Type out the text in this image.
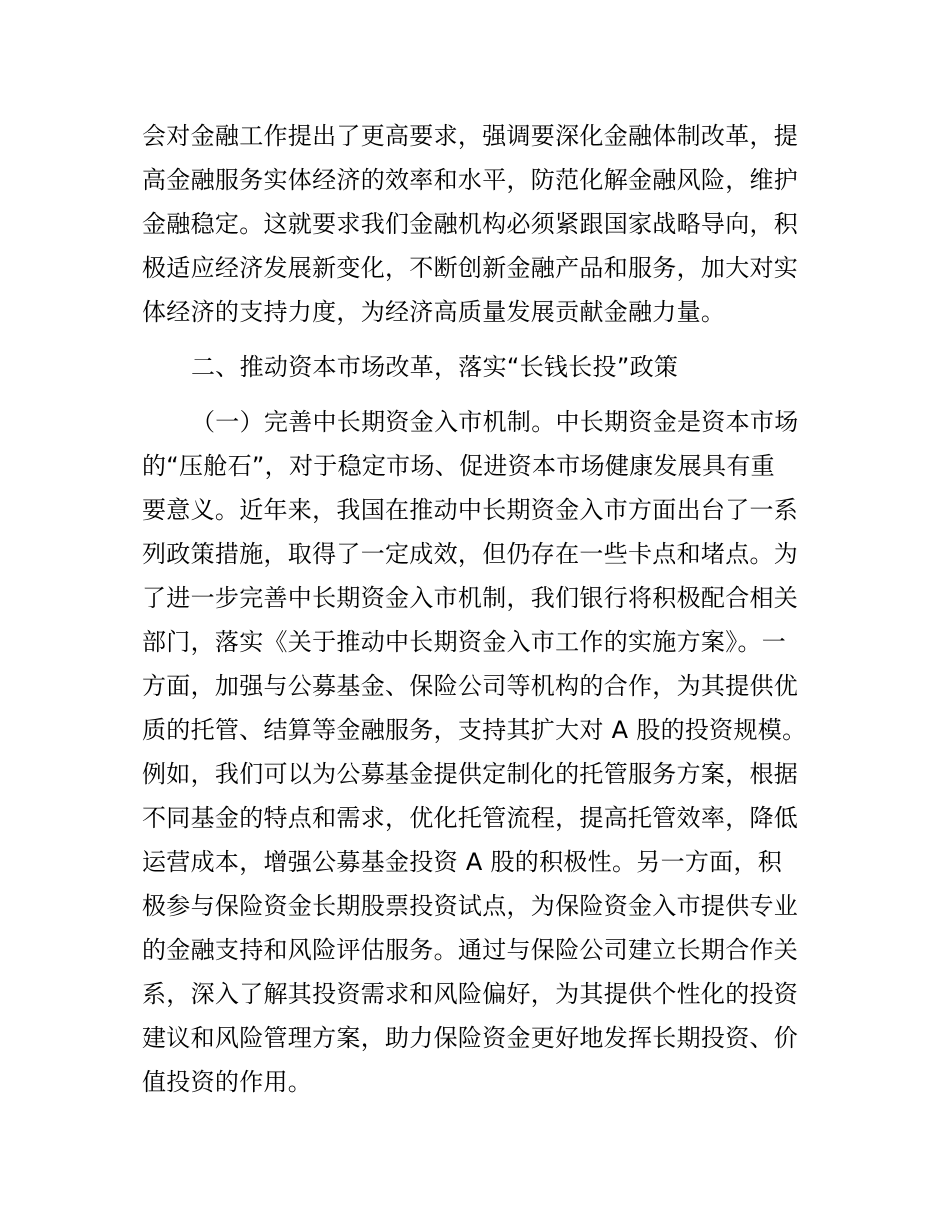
会对金融工作提出了更高要求，强调要深化金融体制改革，提
高金融服务实体经济的效率和水平，防范化解金融风险，维护
金融稳定。这就要求我们金融机构必须紧跟国家战略导向，积
极适应经济发展新变化，不断创新金融产品和服务，加大对实
体经济的支持力度，为经济高质量发展贡献金融力量。
二、推动资本市场改革，落实“长钱长投”政策
（一）完善中长期资金入市机制。中长期资金是资本市场
的“压舱石”，对于稳定市场、促进资本市场健康发展具有重
要意义。近年来，我国在推动中长期资金入市方面出台了一系
列政策措施，取得了一定成效，但仍存在一些卡点和堵点。为
了进一步完善中长期资金入市机制，我们银行将积极配合相关
部门，落实《关于推动中长期资金入市工作的实施方案》。一
方面，加强与公募基金、保险公司等机构的合作，为其提供优
质的托管、结算等金融服务，支持其扩大对 A 股的投资规模。
例如，我们可以为公募基金提供定制化的托管服务方案，根据
不同基金的特点和需求，优化托管流程，提高托管效率，降低
运营成本，增强公募基金投资 A 股的积极性。另一方面，积
极参与保险资金长期股票投资试点，为保险资金入市提供专业
的金融支持和风险评估服务。通过与保险公司建立长期合作关
系，深入了解其投资需求和风险偏好，为其提供个性化的投资
建议和风险管理方案，助力保险资金更好地发挥长期投资、价
值投资的作用。
